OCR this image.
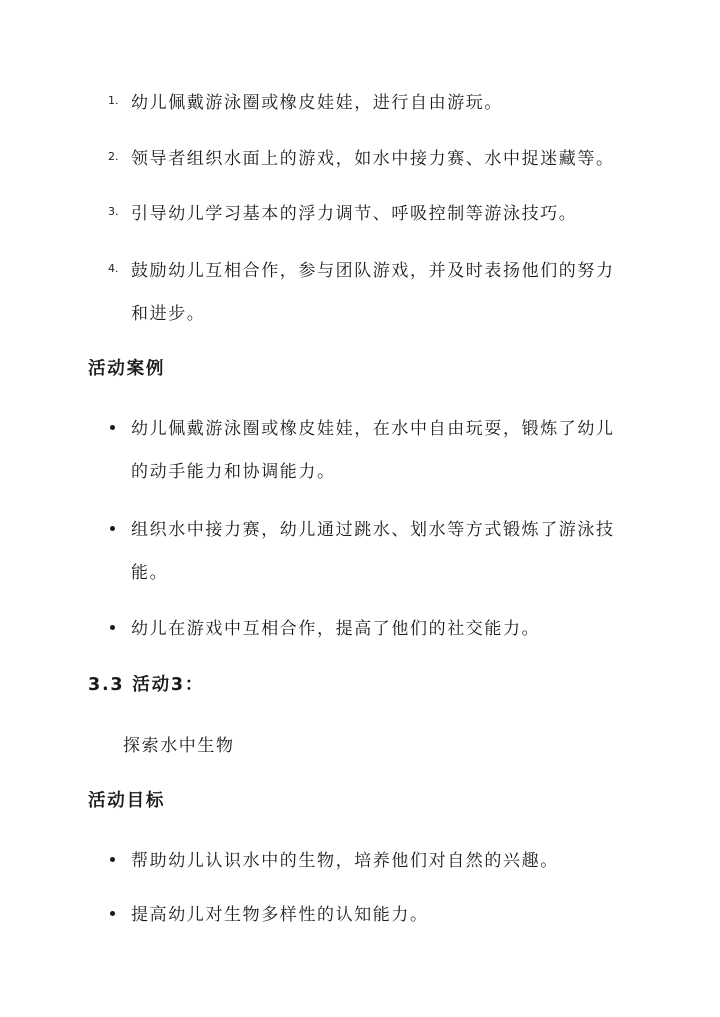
1. 幼儿佩戴游泳圈或橡皮娃娃，进行自由游玩。
2. 领导者组织水面上的游戏，如水中接力赛、水中捉迷藏等。
3. 引导幼儿学习基本的浮力调节、呼吸控制等游泳技巧。
4. 鼓励幼儿互相合作，参与团队游戏，并及时表扬他们的努力
和进步。
活动案例
幼儿佩戴游泳圈或橡皮娃娃，在水中自由玩耍，锻炼了幼儿
的动手能力和协调能力。
组织水中接力赛，幼儿通过跳水、划水等方式锻炼了游泳技
能。
幼儿在游戏中互相合作，提高了他们的社交能力。
3.3 活动3：
探索水中生物
活动目标
帮助幼儿认识水中的生物，培养他们对自然的兴趣。
提高幼儿对生物多样性的认知能力。
